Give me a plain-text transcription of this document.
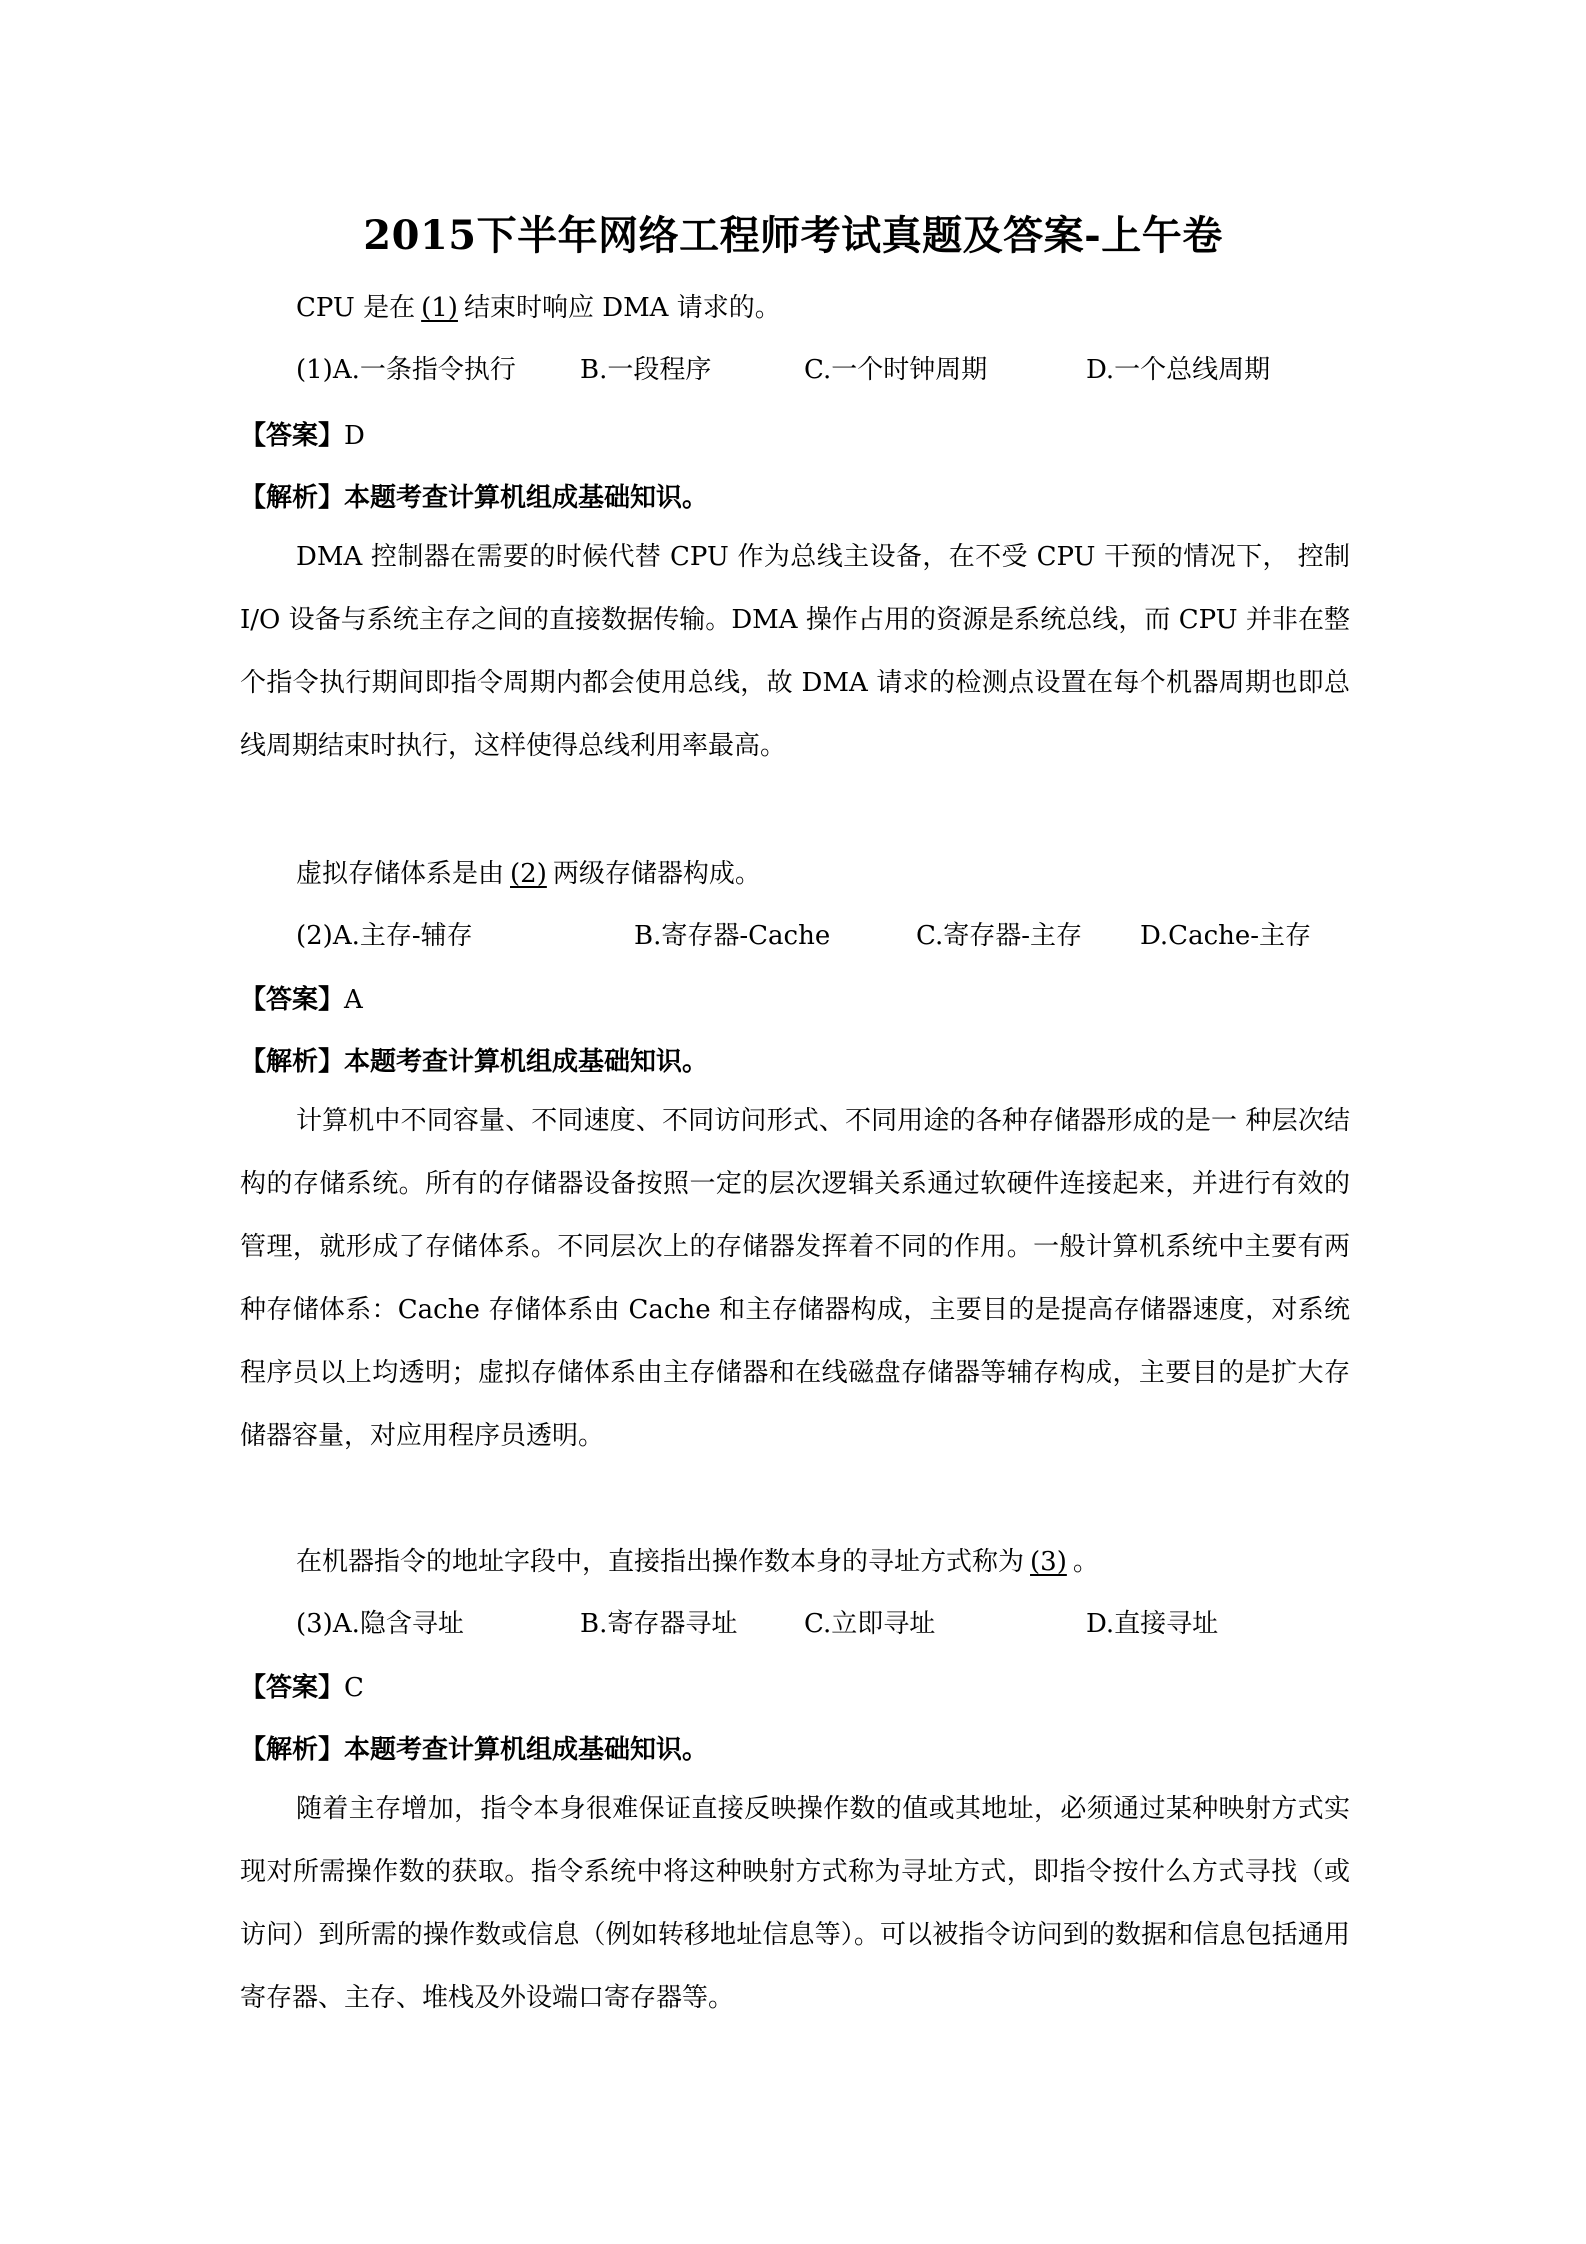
2015下半年网络工程师考试真题及答案-上午卷
CPU 是在 (1) 结束时响应 DMA 请求的。
(1)A.一条指令执行 B.一段程序	C.一个时钟周期	D.一个总线周期
【答案】D
【解析】本题考查计算机组成基础知识。
DMA 控制器在需要的时候代替 CPU 作为总线主设备，在不受 CPU 干预的情况下， 控制 I/O 设备与系统主存之间的直接数据传输。DMA 操作占用的资源是系统总线，而 CPU 并非在整个指令执行期间即指令周期内都会使用总线，故 DMA 请求的检测点设置在每个机器周期也即总线周期结束时执行，这样使得总线利用率最高。
虚拟存储体系是由 (2) 两级存储器构成。
(2)A.主存-辅存	B.寄存器-Cache	C.寄存器-主存 D.Cache-主存
【答案】A
【解析】本题考查计算机组成基础知识。
计算机中不同容量、不同速度、不同访问形式、不同用途的各种存储器形成的是一 种层次结构的存储系统。所有的存储器设备按照一定的层次逻辑关系通过软硬件连接起来，并进行有效的管理，就形成了存储体系。不同层次上的存储器发挥着不同的作用。一般计算机系统中主要有两种存储体系：Cache 存储体系由 Cache 和主存储器构成，主要目的是提高存储器速度，对系统程序员以上均透明；虚拟存储体系由主存储器和在线磁盘存储器等辅存构成，主要目的是扩大存储器容量，对应用程序员透明。
在机器指令的地址字段中，直接指出操作数本身的寻址方式称为 (3) 。
(3)A.隐含寻址	B.寄存器寻址	C.立即寻址	D.直接寻址
【答案】C
【解析】本题考查计算机组成基础知识。
随着主存增加，指令本身很难保证直接反映操作数的值或其地址，必须通过某种映射方式实现对所需操作数的获取。指令系统中将这种映射方式称为寻址方式，即指令按什么方式寻找（或访问）到所需的操作数或信息（例如转移地址信息等）。可以被指令访问到的数据和信息包括通用寄存器、主存、堆栈及外设端口寄存器等。
